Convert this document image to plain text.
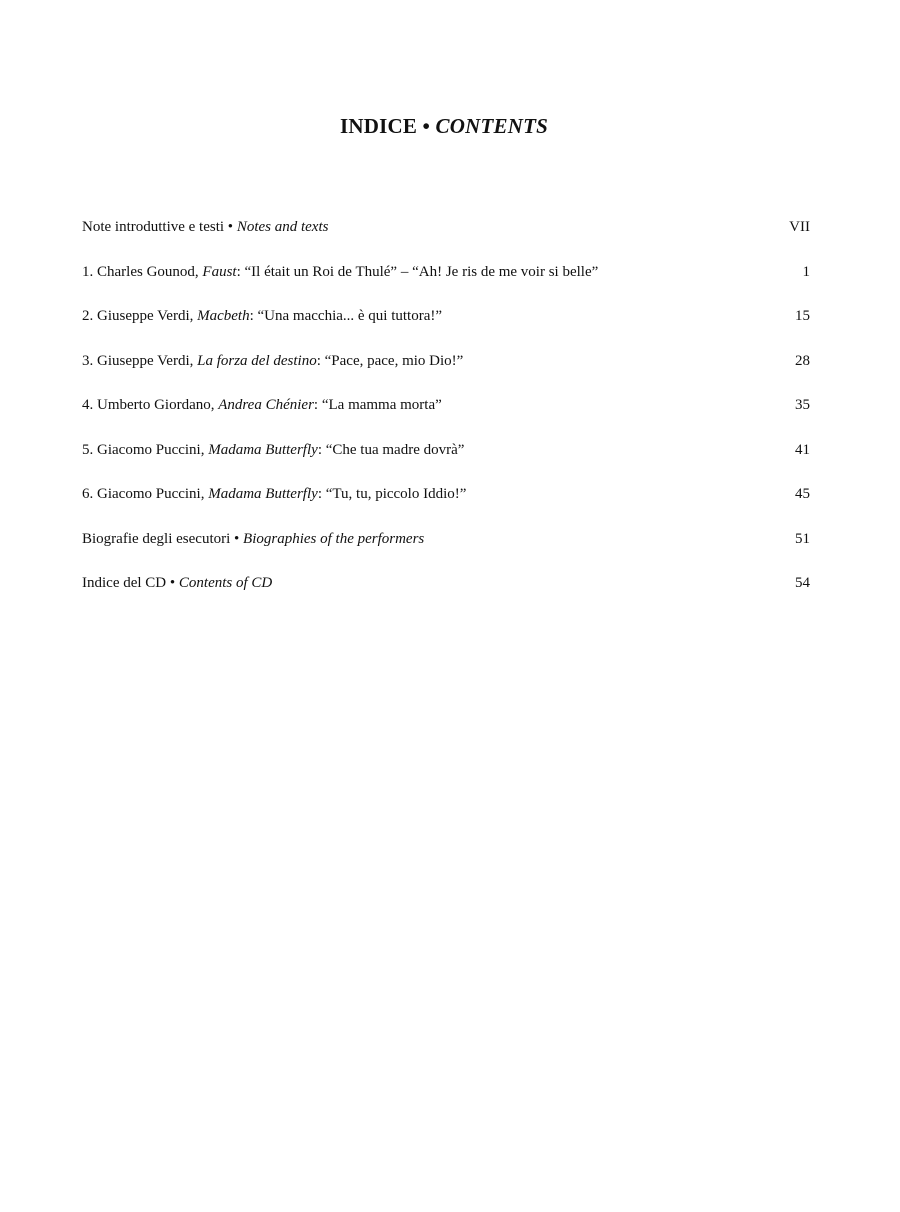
INDICE • CONTENTS
Note introduttive e testi • Notes and texts	VII
1. Charles Gounod, Faust: “Il était un Roi de Thulé” – “Ah! Je ris de me voir si belle”	1
2. Giuseppe Verdi, Macbeth: “Una macchia... è qui tuttora!”	15
3. Giuseppe Verdi, La forza del destino: “Pace, pace, mio Dio!”	28
4. Umberto Giordano, Andrea Chénier: “La mamma morta”	35
5. Giacomo Puccini, Madama Butterfly: “Che tua madre dovrà”	41
6. Giacomo Puccini, Madama Butterfly: “Tu, tu, piccolo Iddio!”	45
Biografie degli esecutori • Biographies of the performers	51
Indice del CD • Contents of CD	54
